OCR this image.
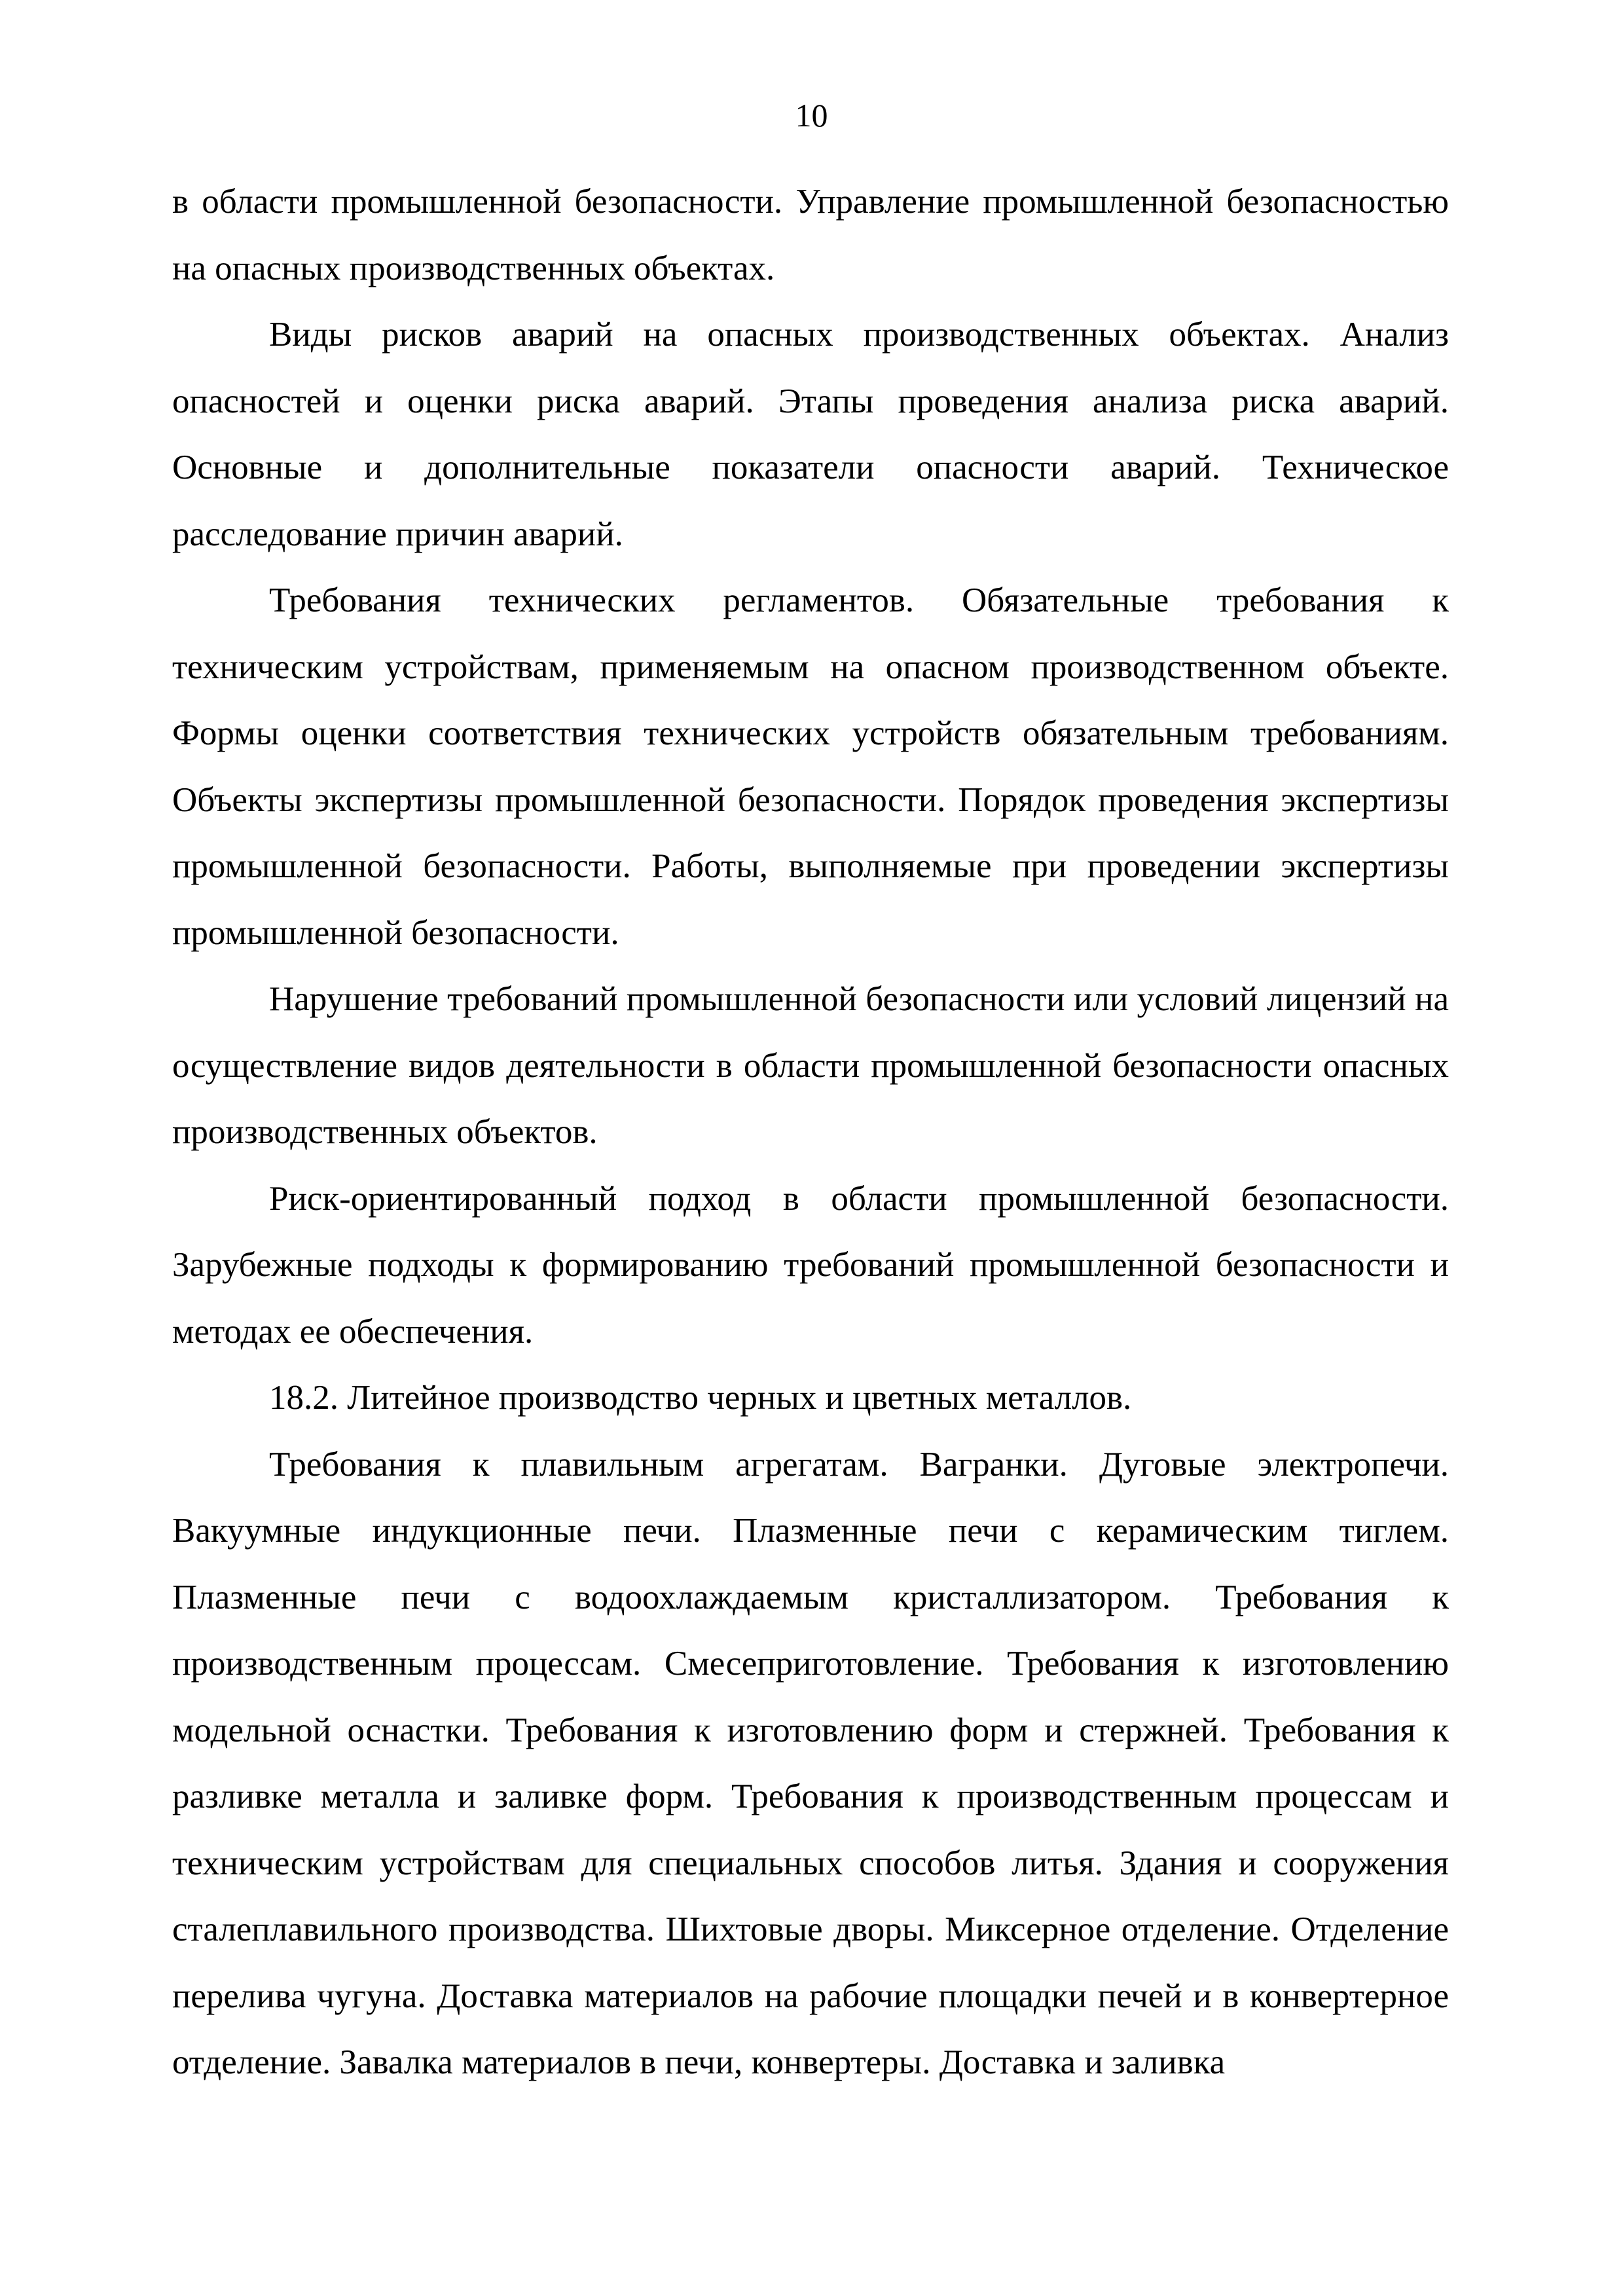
10

в области промышленной безопасности. Управление промышленной безопасностью на опасных производственных объектах.

Виды рисков аварий на опасных производственных объектах. Анализ опасностей и оценки риска аварий. Этапы проведения анализа риска аварий. Основные и дополнительные показатели опасности аварий. Техническое расследование причин аварий.

Требования технических регламентов. Обязательные требования к техническим устройствам, применяемым на опасном производственном объекте. Формы оценки соответствия технических устройств обязательным требованиям. Объекты экспертизы промышленной безопасности. Порядок проведения экспертизы промышленной безопасности. Работы, выполняемые при проведении экспертизы промышленной безопасности.

Нарушение требований промышленной безопасности или условий лицензий на осуществление видов деятельности в области промышленной безопасности опасных производственных объектов.

Риск-ориентированный подход в области промышленной безопасности. Зарубежные подходы к формированию требований промышленной безопасности и методах ее обеспечения.

18.2. Литейное производство черных и цветных металлов.

Требования к плавильным агрегатам. Вагранки. Дуговые электропечи. Вакуумные индукционные печи. Плазменные печи с керамическим тиглем. Плазменные печи с водоохлаждаемым кристаллизатором. Требования к производственным процессам. Смесеприготовление. Требования к изготовлению модельной оснастки. Требования к изготовлению форм и стержней. Требования к разливке металла и заливке форм. Требования к производственным процессам и техническим устройствам для специальных способов литья. Здания и сооружения сталеплавильного производства. Шихтовые дворы. Миксерное отделение. Отделение перелива чугуна. Доставка материалов на рабочие площадки печей и в конвертерное отделение. Завалка материалов в печи, конвертеры. Доставка и заливка
